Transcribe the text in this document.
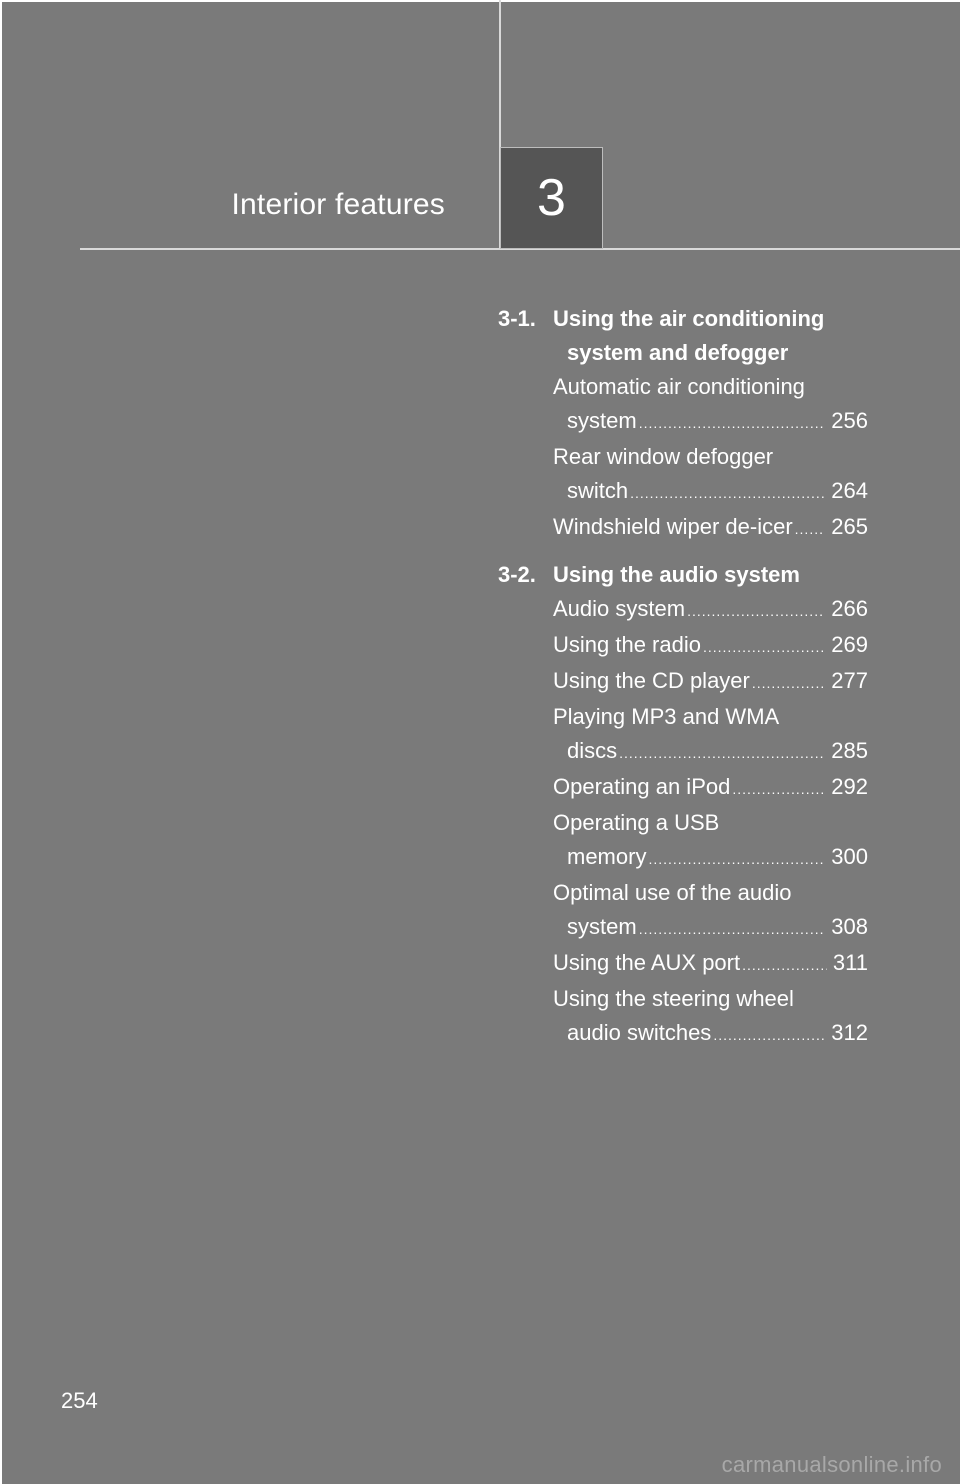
Interior features 3
3-1. Using the air conditioning system and defogger
Automatic air conditioning
system .....	256
Rear window defogger
switch .....	264
Windshield wiper de-icer ..... 265
3-2. Using the audio system
Audio system .....	266
Using the radio .....	269
Using the CD player .....	277
Playing MP3 and WMA
discs .....	285
Operating an iPod .....	292
Operating a USB
memory .....	300
Optimal use of the audio
system .....	308
Using the AUX port .....	311
Using the steering wheel
audio switches .....	312
254
carmanualsonline.info
